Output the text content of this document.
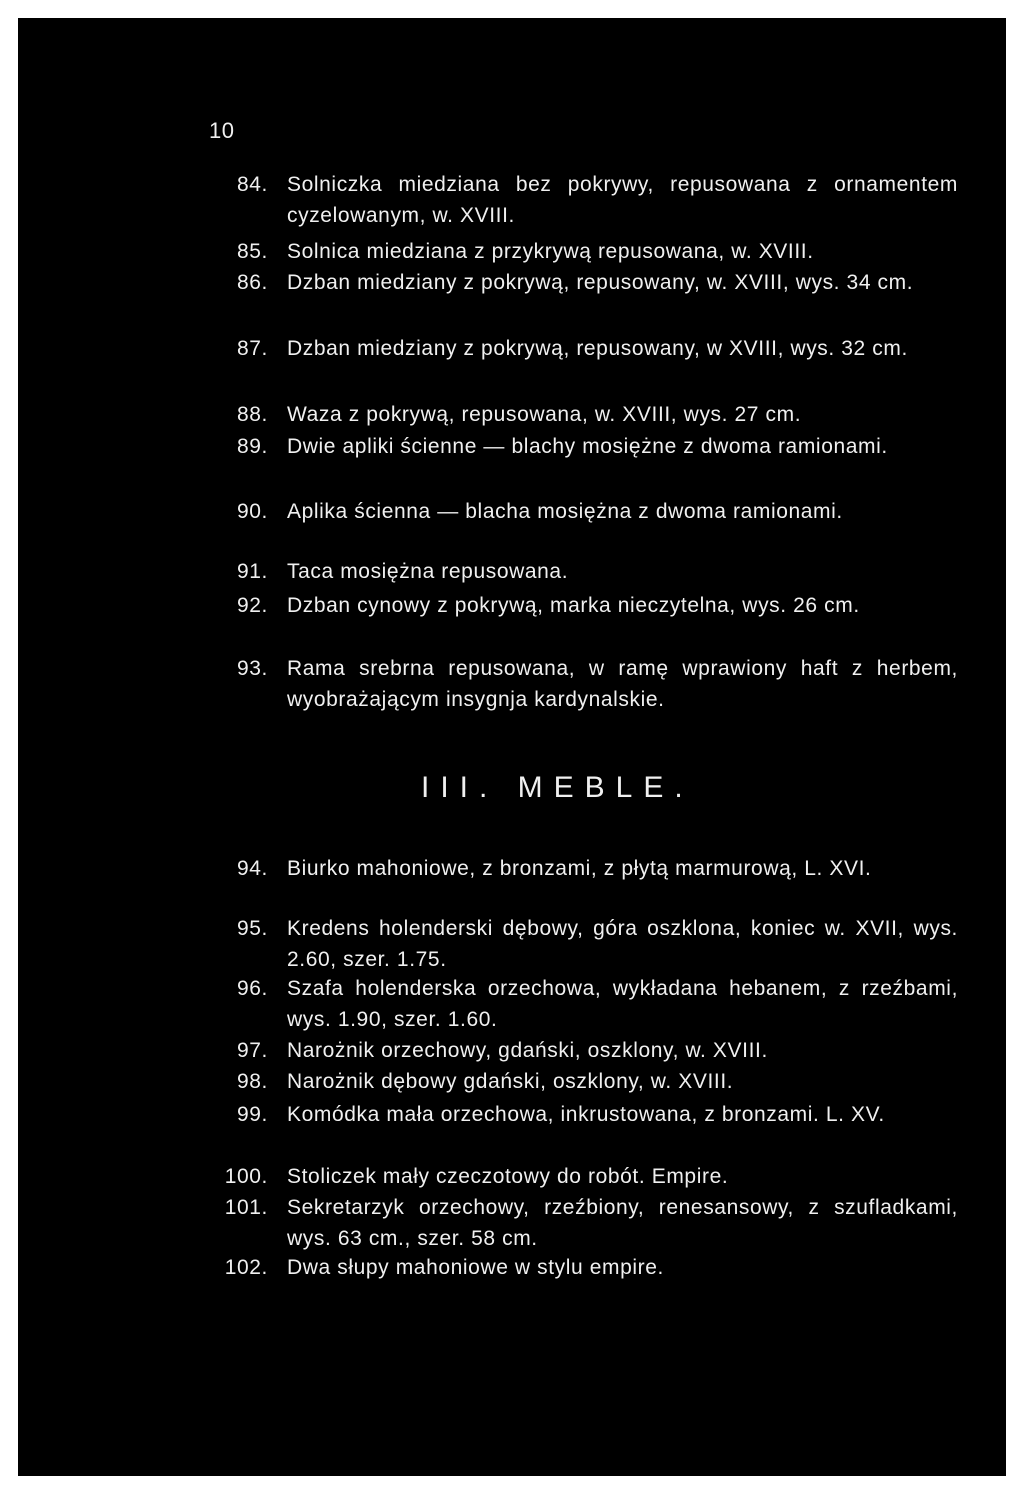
10
84. Solniczka miedziana bez pokrywy, repusowana z ornamentem cyzelowanym, w. XVIII.
85. Solnica miedziana z przykrywą repusowana, w. XVIII.
86. Dzban miedziany z pokrywą, repusowany, w. XVIII, wys. 34 cm.
87. Dzban miedziany z pokrywą, repusowany, w XVIII, wys. 32 cm.
88. Waza z pokrywą, repusowana, w. XVIII, wys. 27 cm.
89. Dwie apliki ścienne — blachy mosiężne z dwoma ramionami.
90. Aplika ścienna — blacha mosiężna z dwoma ramionami.
91. Taca mosiężna repusowana.
92. Dzban cynowy z pokrywą, marka nieczytelna, wys. 26 cm.
93. Rama srebrna repusowana, w ramę wprawiony haft z herbem, wyobrażającym insygnja kardynalskie.
III. MEBLE.
94. Biurko mahoniowe, z bronzami, z płytą marmurową, L. XVI.
95. Kredens holenderski dębowy, góra oszklona, koniec w. XVII, wys. 2.60, szer. 1.75.
96. Szafa holenderska orzechowa, wykładana hebanem, z rzeźbami, wys. 1.90, szer. 1.60.
97. Narożnik orzechowy, gdański, oszklony, w. XVIII.
98. Narożnik dębowy gdański, oszklony, w. XVIII.
99. Komódka mała orzechowa, inkrustowana, z bronzami. L. XV.
100. Stoliczek mały czeczotowy do robót. Empire.
101. Sekretarzyk orzechowy, rzeźbiony, renesansowy, z szufladkami, wys. 63 cm., szer. 58 cm.
102. Dwa słupy mahoniowe w stylu empire.
